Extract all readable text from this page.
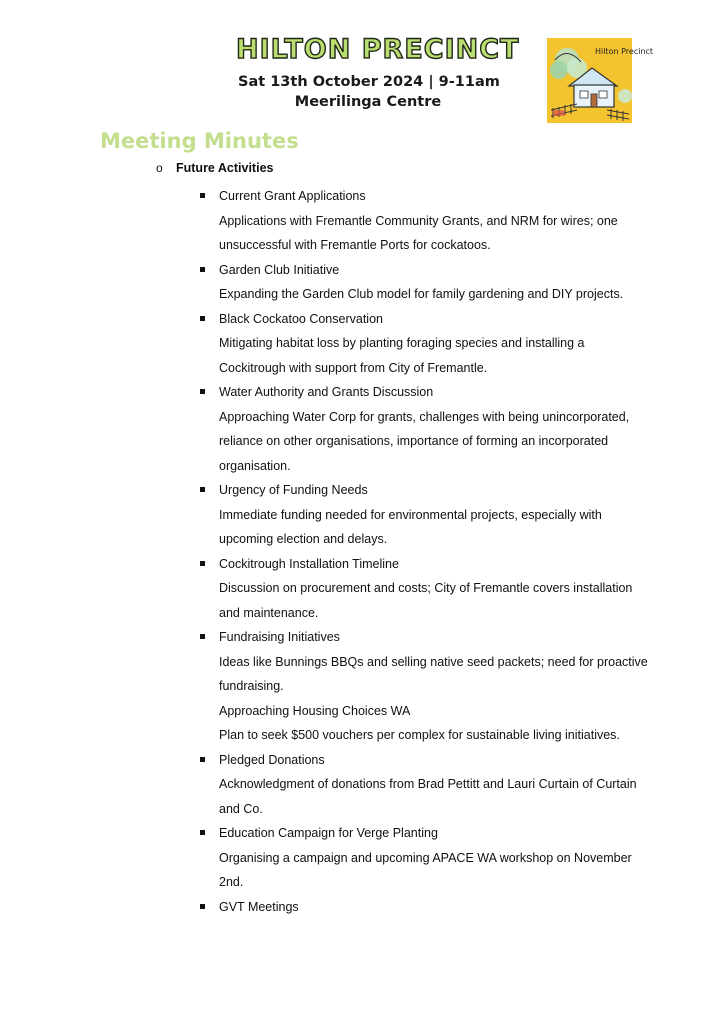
HILTON PRECINCT
Sat 13th October 2024 | 9-11am
Meerilinga Centre
Hilton Precinct
Meeting Minutes
o Future Activities
Current Grant Applications
Applications with Fremantle Community Grants, and NRM for wires; one
unsuccessful with Fremantle Ports for cockatoos.
Garden Club Initiative
Expanding the Garden Club model for family gardening and DIY projects.
Black Cockatoo Conservation
Mitigating habitat loss by planting foraging species and installing a
Cockitrough with support from City of Fremantle.
Water Authority and Grants Discussion
Approaching Water Corp for grants, challenges with being unincorporated,
reliance on other organisations, importance of forming an incorporated
organisation.
Urgency of Funding Needs
Immediate funding needed for environmental projects, especially with
upcoming election and delays.
Cockitrough Installation Timeline
Discussion on procurement and costs; City of Fremantle covers installation
and maintenance.
Fundraising Initiatives
Ideas like Bunnings BBQs and selling native seed packets; need for proactive
fundraising.
Approaching Housing Choices WA
Plan to seek $500 vouchers per complex for sustainable living initiatives.
Pledged Donations
Acknowledgment of donations from Brad Pettitt and Lauri Curtain of Curtain
and Co.
Education Campaign for Verge Planting
Organising a campaign and upcoming APACE WA workshop on November
2nd.
GVT Meetings
